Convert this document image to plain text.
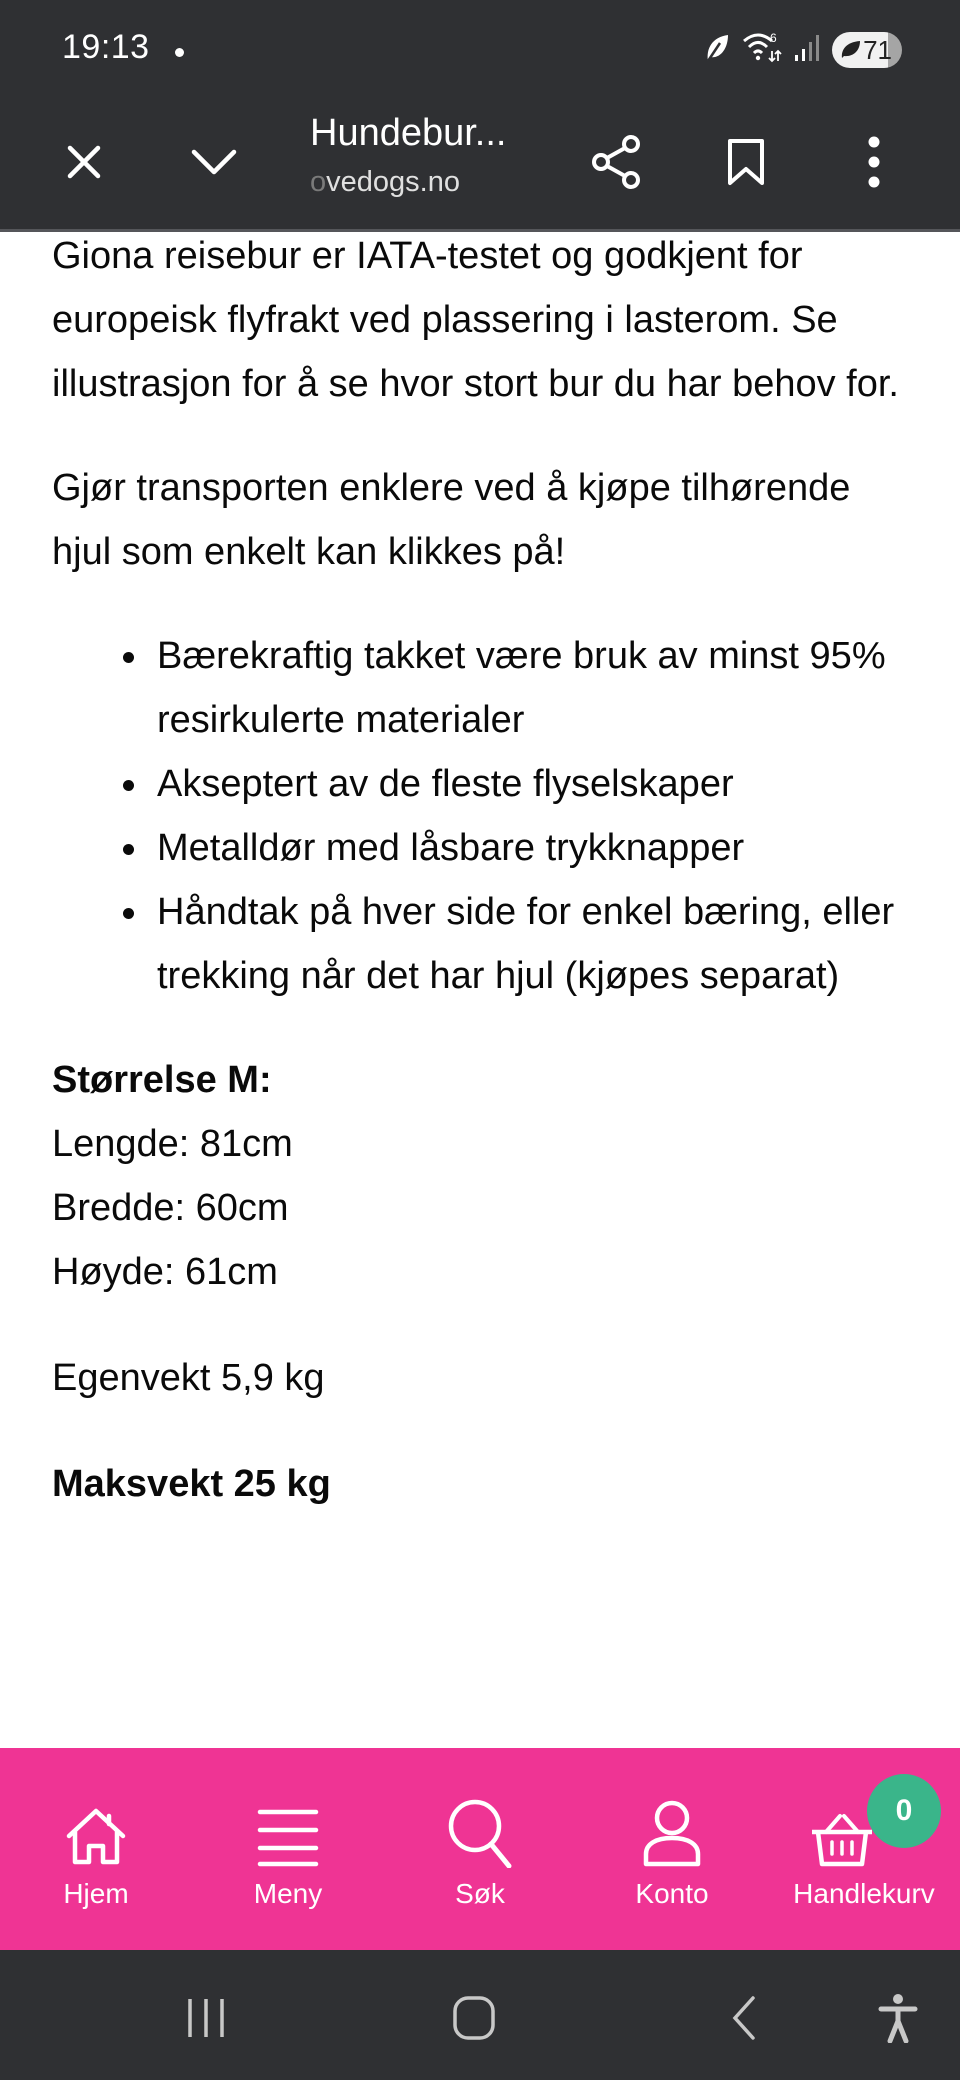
19:13	6	71
Hundebur...
ovedogs.no

Giona reisebur er IATA-testet og godkjent for europeisk flyfrakt ved plassering i lasterom. Se illustrasjon for å se hvor stort bur du har behov for.

Gjør transporten enklere ved å kjøpe tilhørende hjul som enkelt kan klikkes på!

Bærekraftig takket være bruk av minst 95% resirkulerte materialer
Akseptert av de fleste flyselskaper
Metalldør med låsbare trykknapper
Håndtak på hver side for enkel bæring, eller trekking når det har hjul (kjøpes separat)
Størrelse M:
Lengde: 81cm
Bredde: 60cm
Høyde: 61cm
Egenvekt 5,9 kg
Maksvekt 25 kg
Hjem	Meny	Søk	Konto	Handlekurv
0
